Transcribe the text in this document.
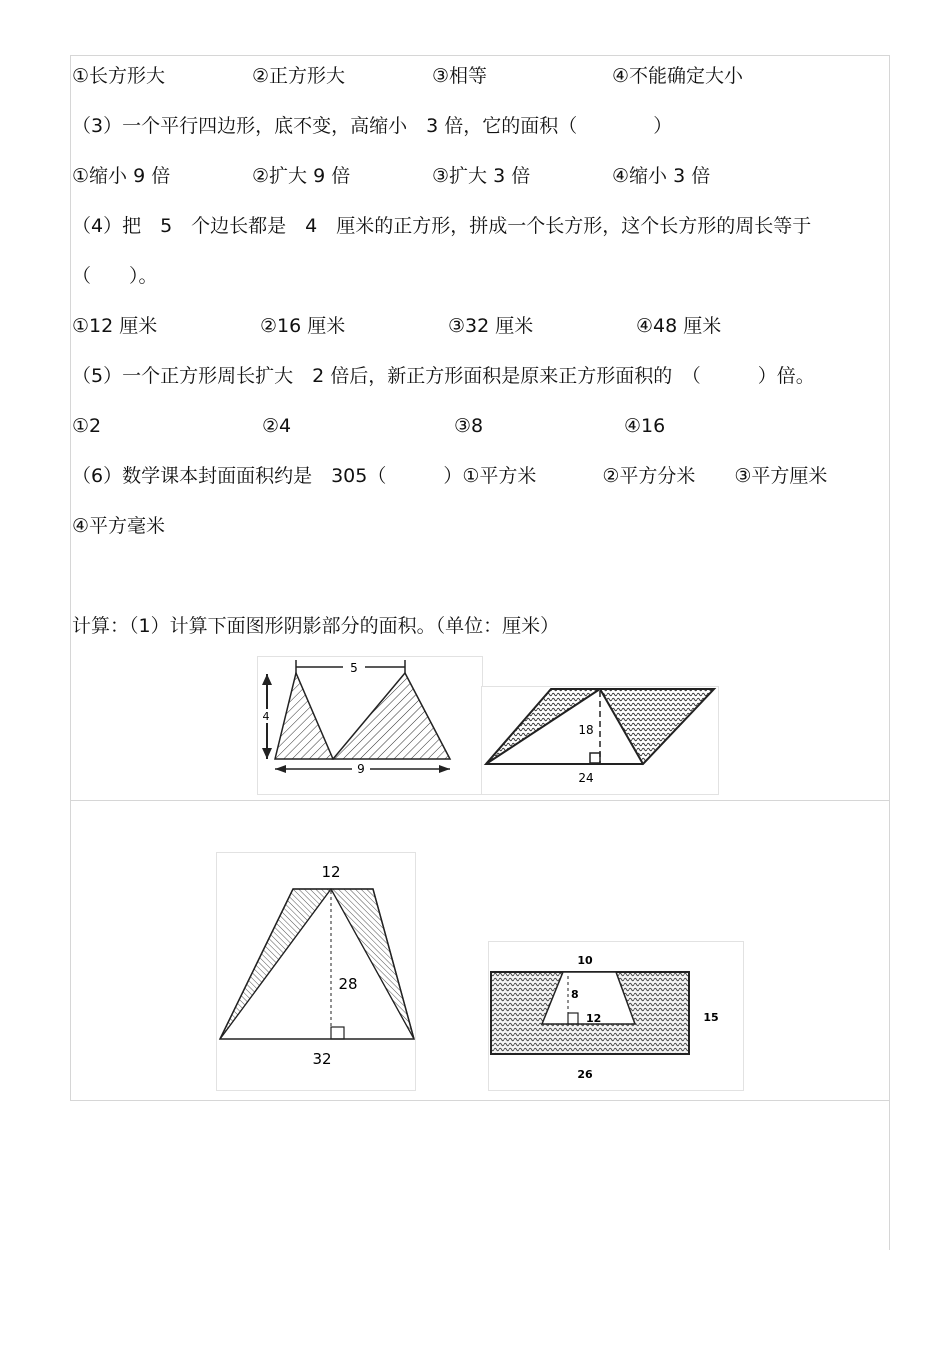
①长方形大	②正方形大	③相等	④不能确定大小
（3）一个平行四边形，底不变，高缩小　3 倍，它的面积（　　　　）
①缩小 9 倍	②扩大 9 倍	③扩大 3 倍	④缩小 3 倍
（4）把　5　个边长都是　4　厘米的正方形，拼成一个长方形，这个长方形的周长等于
（　　）。
①12 厘米	②16 厘米	③32 厘米	④48 厘米
（5）一个正方形周长扩大　2 倍后，新正方形面积是原来正方形面积的　（　　　）倍。
①2	②4	③8	④16
（6）数学课本封面面积约是　305（　　　）①平方米	②平方分米 ③平方厘米
④平方毫米
计算：（1）计算下面图形阴影部分的面积。（单位：厘米）
5
4
9
18
24
12
28
32
10
8
12	15
26
